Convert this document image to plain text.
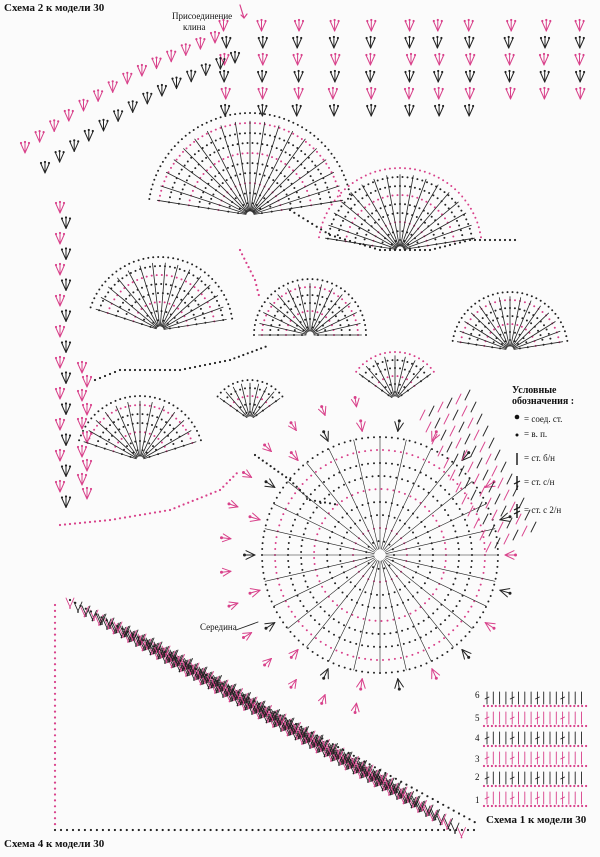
Схема 2 к модели 30
Присоединение
клина
Середина
Схема 4 к модели 30
Схема 1 к модели 30
6
5
4
3
2
1
Условные
обозначения :
= соед. ст.
= в. п.
= ст. б/н
= ст. с/н
= ст. с 2/н
